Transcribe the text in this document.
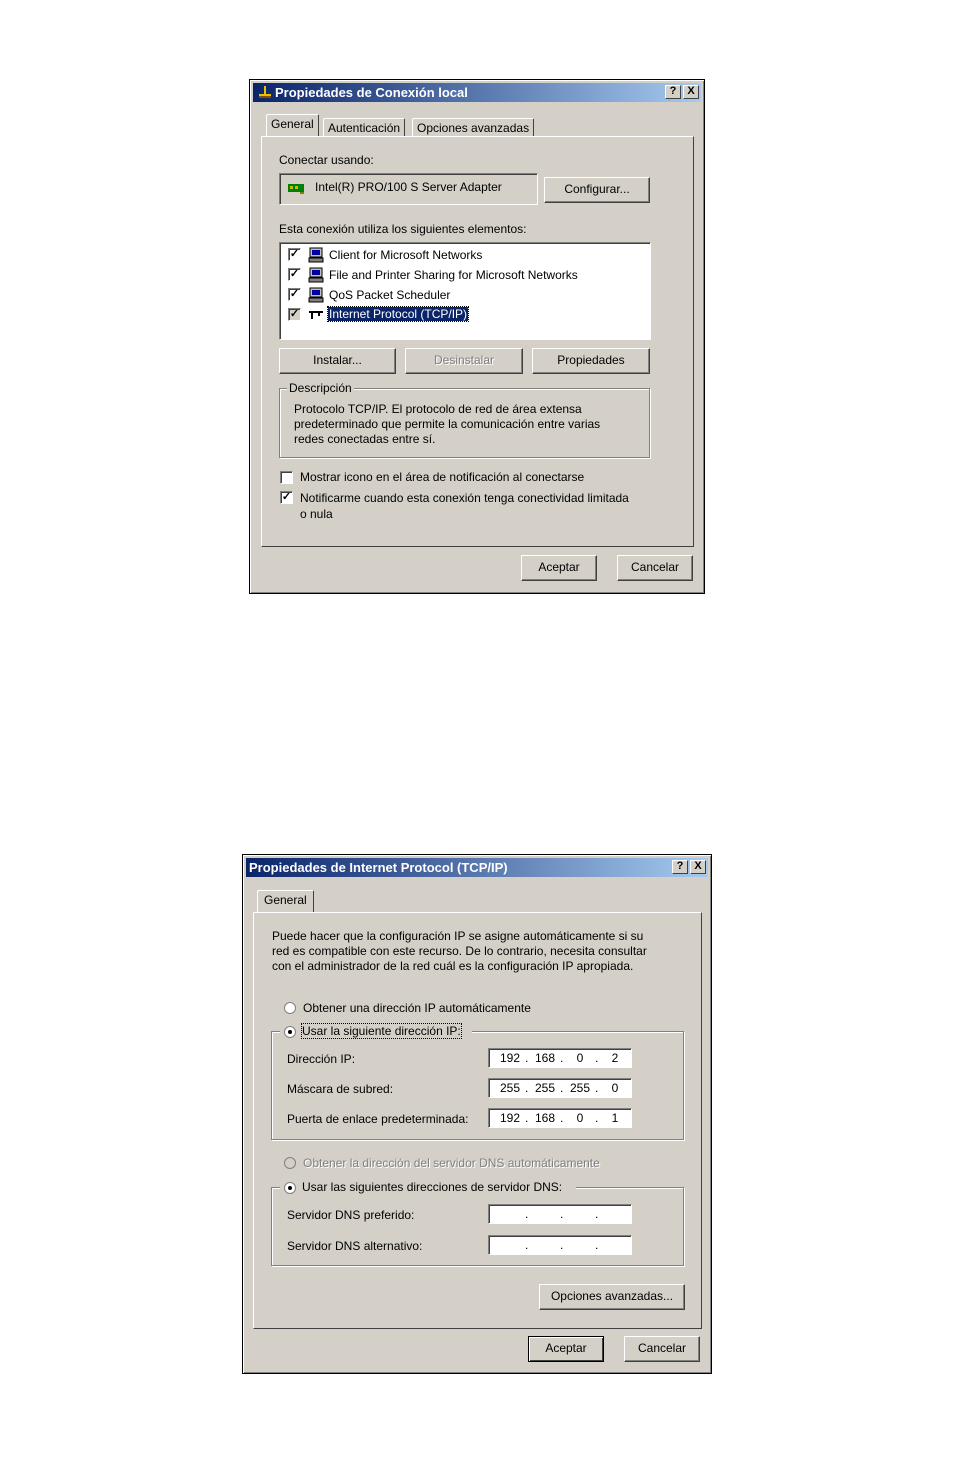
Propiedades de Conexión local	? X
General	Autenticación	Opciones avanzadas
Conectar usando:
Intel(R) PRO/100 S Server Adapter	Configurar...
Esta conexión utiliza los siguientes elementos:
✓ Client for Microsoft Networks
✓ File and Printer Sharing for Microsoft Networks
✓ QoS Packet Scheduler
✓ Internet Protocol (TCP/IP)
Instalar...	Desinstalar	Propiedades
Descripción
Protocolo TCP/IP. El protocolo de red de área extensa
predeterminado que permite la comunicación entre varias
redes conectadas entre sí.
Mostrar icono en el área de notificación al conectarse
✓ Notificarme cuando esta conexión tenga conectividad limitada
o nula
Aceptar	Cancelar
Propiedades de Internet Protocol (TCP/IP)	? X
General
Puede hacer que la configuración IP se asigne automáticamente si su
red es compatible con este recurso. De lo contrario, necesita consultar
con el administrador de la red cuál es la configuración IP apropiada.
Obtener una dirección IP automáticamente
Usar la siguiente dirección IP:
Dirección IP:	192 . 168 .	0 .	2
Máscara de subred:	255 . 255 . 255 .	0
Puerta de enlace predeterminada:	192 . 168 .	0 .	1
Obtener la dirección del servidor DNS automáticamente
Usar las siguientes direcciones de servidor DNS:
Servidor DNS preferido:	.	.	.
Servidor DNS alternativo:	.	.	.
Opciones avanzadas...
Aceptar	Cancelar
